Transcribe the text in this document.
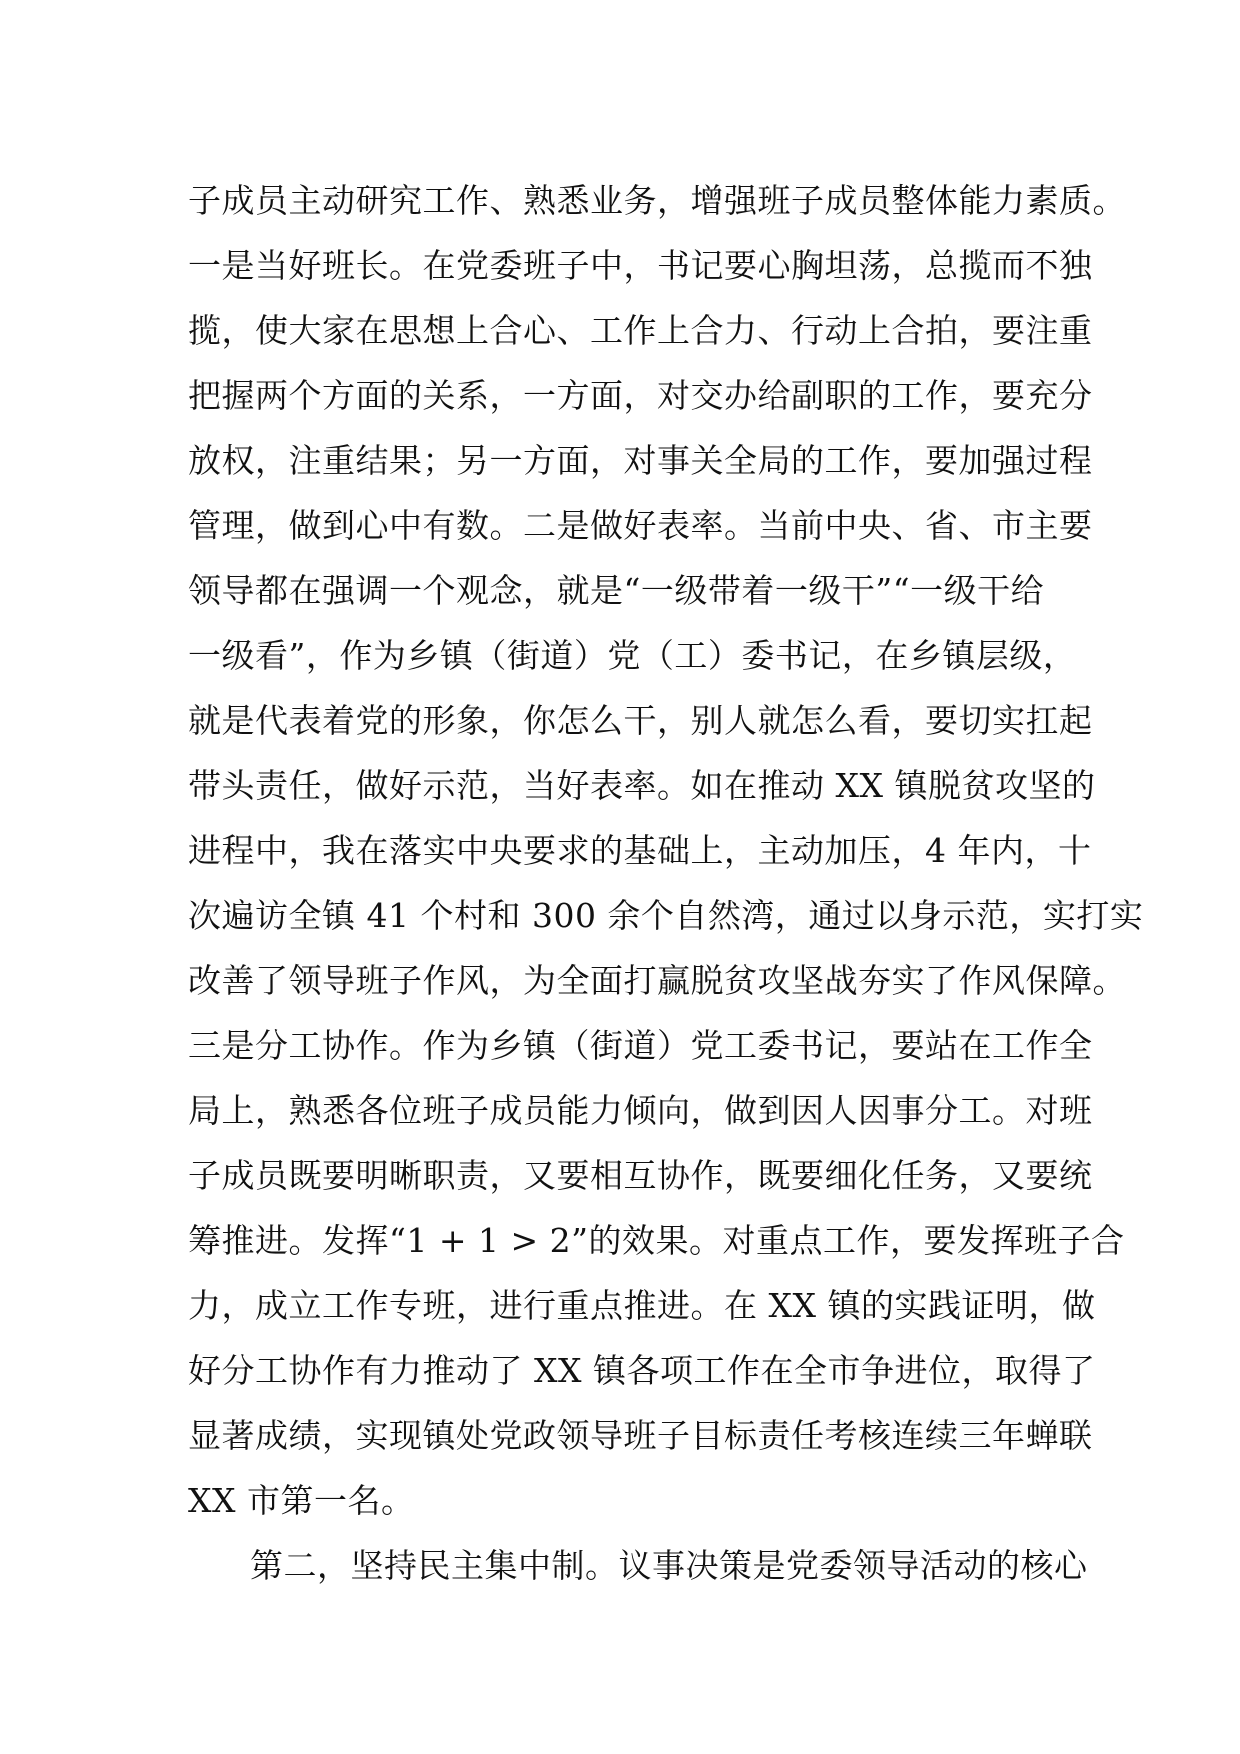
子成员主动研究工作、熟悉业务，增强班子成员整体能力素质。
一是当好班长。在党委班子中，书记要心胸坦荡，总揽而不独
揽，使大家在思想上合心、工作上合力、行动上合拍，要注重
把握两个方面的关系，一方面，对交办给副职的工作，要充分
放权，注重结果；另一方面，对事关全局的工作，要加强过程
管理，做到心中有数。二是做好表率。当前中央、省、市主要
领导都在强调一个观念，就是“一级带着一级干”“一级干给
一级看”，作为乡镇（街道）党（工）委书记，在乡镇层级，
就是代表着党的形象，你怎么干，别人就怎么看，要切实扛起
带头责任，做好示范，当好表率。如在推动 XX 镇脱贫攻坚的
进程中，我在落实中央要求的基础上，主动加压，4 年内，十
次遍访全镇 41 个村和 300 余个自然湾，通过以身示范，实打实
改善了领导班子作风，为全面打赢脱贫攻坚战夯实了作风保障。
三是分工协作。作为乡镇（街道）党工委书记，要站在工作全
局上，熟悉各位班子成员能力倾向，做到因人因事分工。对班
子成员既要明晰职责，又要相互协作，既要细化任务，又要统
筹推进。发挥“1 + 1 > 2”的效果。对重点工作，要发挥班子合
力，成立工作专班，进行重点推进。在 XX 镇的实践证明，做
好分工协作有力推动了 XX 镇各项工作在全市争进位，取得了
显著成绩，实现镇处党政领导班子目标责任考核连续三年蝉联
XX 市第一名。
第二，坚持民主集中制。议事决策是党委领导活动的核心
